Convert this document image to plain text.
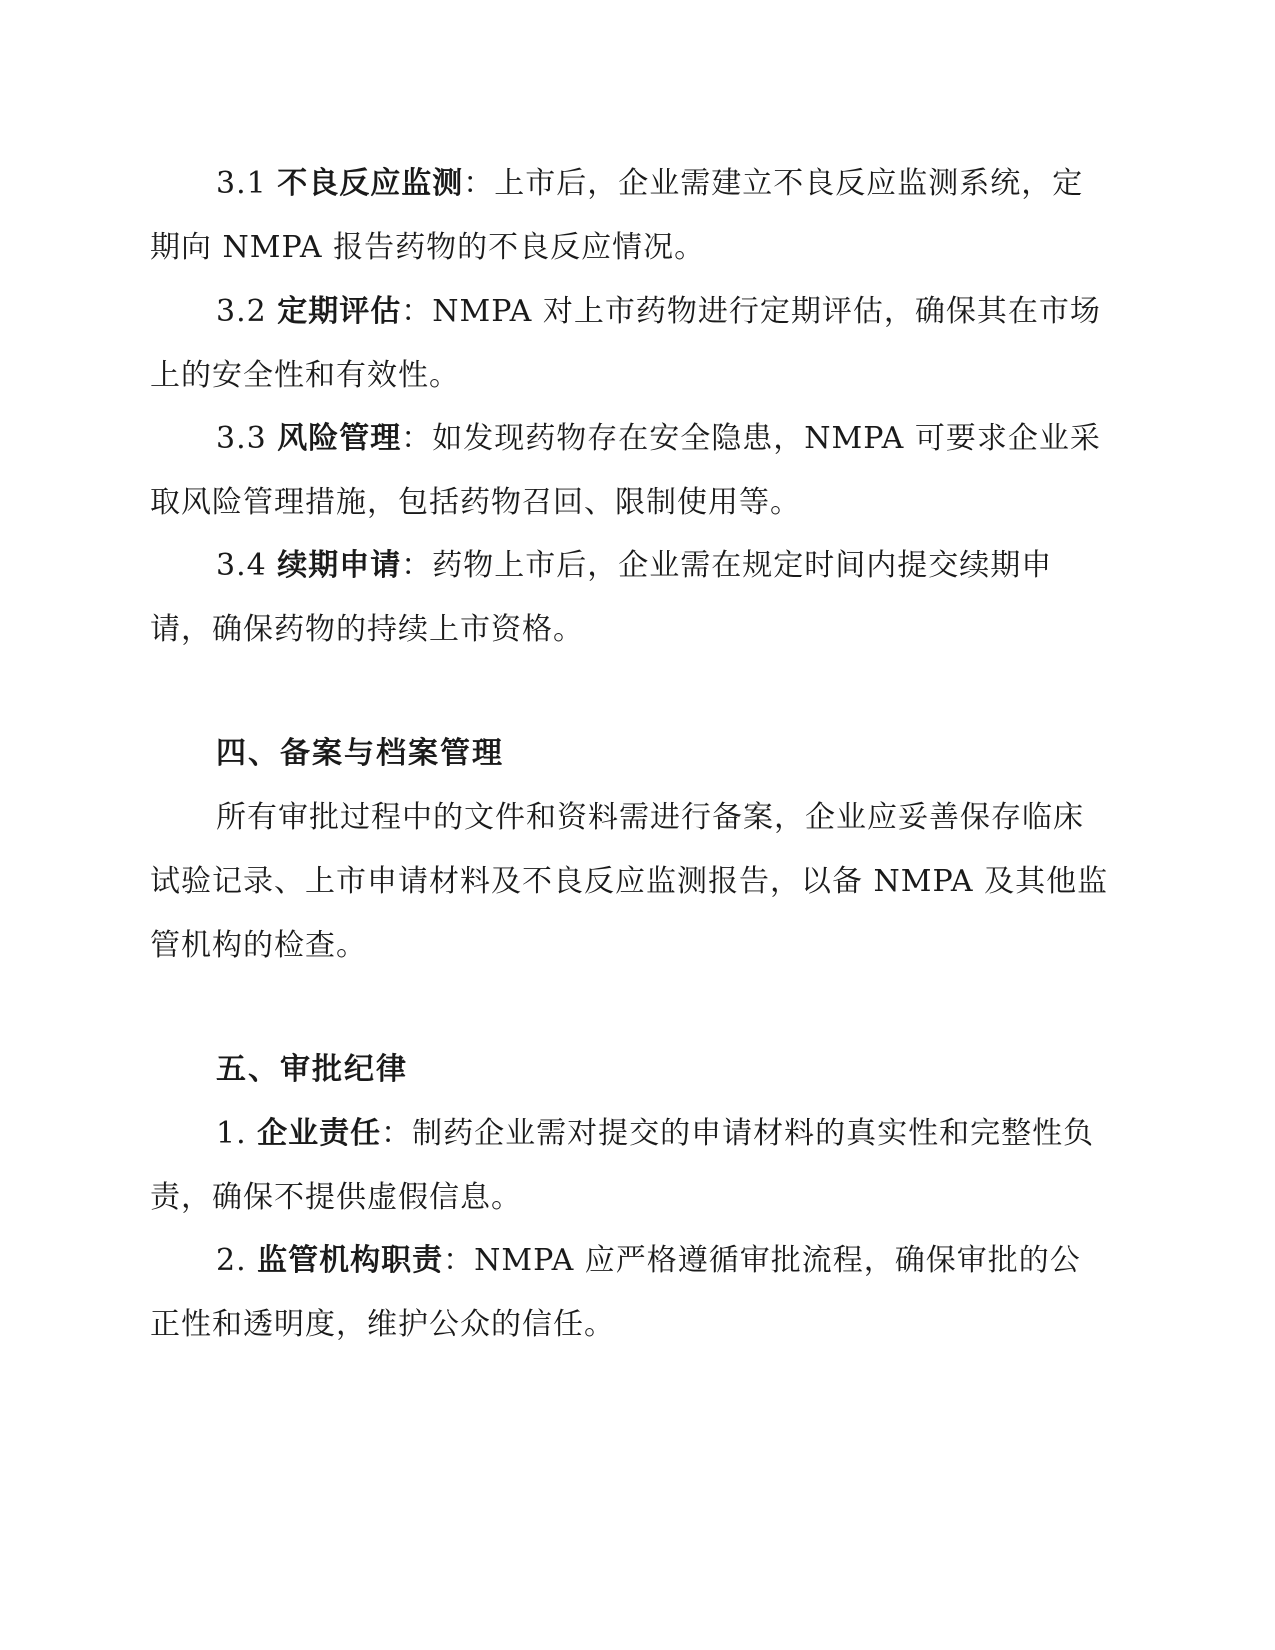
3.1 不良反应监测：上市后，企业需建立不良反应监测系统，定期向 NMPA 报告药物的不良反应情况。

3.2 定期评估：NMPA 对上市药物进行定期评估，确保其在市场上的安全性和有效性。

3.3 风险管理：如发现药物存在安全隐患，NMPA 可要求企业采取风险管理措施，包括药物召回、限制使用等。

3.4 续期申请：药物上市后，企业需在规定时间内提交续期申请，确保药物的持续上市资格。

四、备案与档案管理

所有审批过程中的文件和资料需进行备案，企业应妥善保存临床试验记录、上市申请材料及不良反应监测报告，以备 NMPA 及其他监管机构的检查。

五、审批纪律

1. 企业责任：制药企业需对提交的申请材料的真实性和完整性负责，确保不提供虚假信息。

2. 监管机构职责：NMPA 应严格遵循审批流程，确保审批的公正性和透明度，维护公众的信任。
